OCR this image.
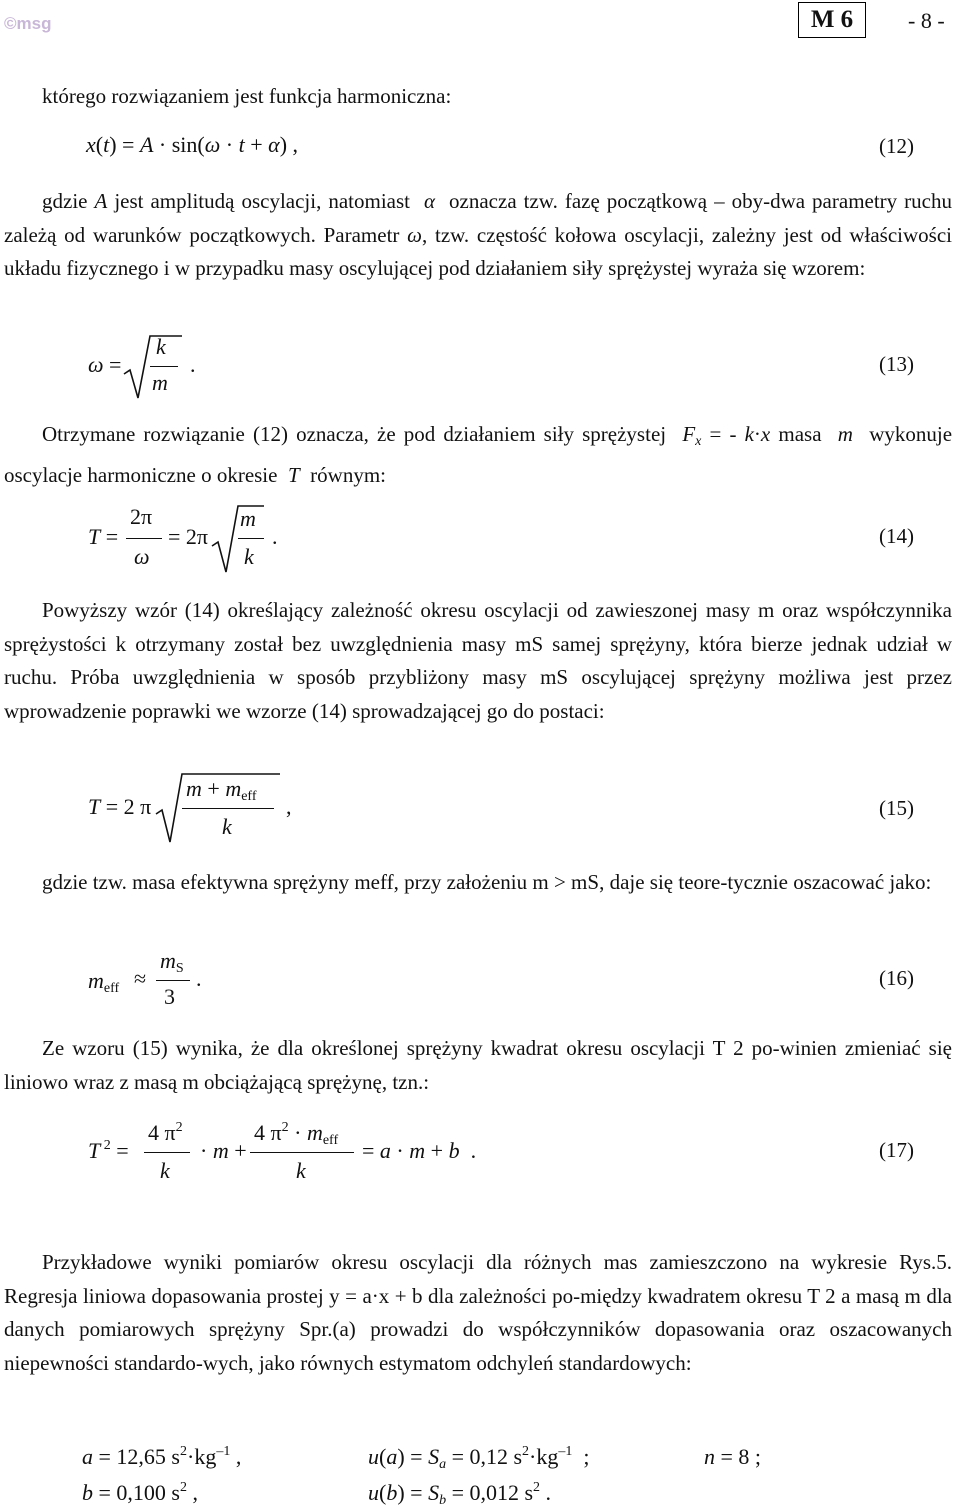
©msg	M 6	- 8 -
którego rozwiązaniem jest funkcja harmoniczna:
x(t) = A · sin(ω · t + α) ,	(12)
gdzie A jest amplitudą oscylacji, natomiast α oznacza tzw. fazę początkową – oby-dwa parametry ruchu zależą od warunków początkowych. Parametr ω, tzw. częstość kołowa oscylacji, zależny jest od właściwości układu fizycznego i w przypadku masy oscylującej pod działaniem siły sprężystej wyraża się wzorem:
ω =
k
m
.	(13)
Otrzymane rozwiązanie (12) oznacza, że pod działaniem siły sprężystej $F_x$ = - k·x masa m wykonuje oscylacje harmoniczne o okresie T równym:
T =
2π
ω
= 2π
m
k
.	(14)
Powyższy wzór (14) określający zależność okresu oscylacji od zawieszonej masy m oraz współczynnika sprężystości k otrzymany został bez uwzględnienia masy mS samej sprężyny, która bierze jednak udział w ruchu. Próba uwzględnienia w sposób przybliżony masy mS oscylującej sprężyny możliwa jest przez wprowadzenie poprawki we wzorze (14) sprowadzającej go do postaci:
T = 2 π
$m + m_{eff}$
k
,	(15)
gdzie tzw. masa efektywna sprężyny meff, przy założeniu m > mS, daje się teore-tycznie oszacować jako:
$m_{eff}$ ≈
$m_S$
3
.	(16)
Ze wzoru (15) wynika, że dla określonej sprężyny kwadrat okresu oscylacji T 2 po-winien zmieniać się liniowo wraz z masą m obciążającą sprężynę, tzn.:
T $^2$ =
4 $\pi^2$
k
· m +
4 $\pi^2 \cdot m_{eff}$
k
= a · m + b  .	(17)
Przykładowe wyniki pomiarów okresu oscylacji dla różnych mas zamieszczono na wykresie Rys.5. Regresja liniowa dopasowania prostej y = a·x + b dla zależności po-między kwadratem okresu T 2 a masą m dla danych pomiarowych sprężyny Spr.(a) prowadzi do współczynników dopasowania oraz oszacowanych niepewności standardo-wych, jako równych estymatom odchyleń standardowych:
a = 12,65 $s^2\cdot kg^{-1}$ ,	$u(a) = S_a = 0,12$ $s^2\cdot kg^{-1}$  ;	n = 8 ;
b = 0,100 $s^2$ ,	$u(b) = S_b = 0,012$ $s^2$ .
